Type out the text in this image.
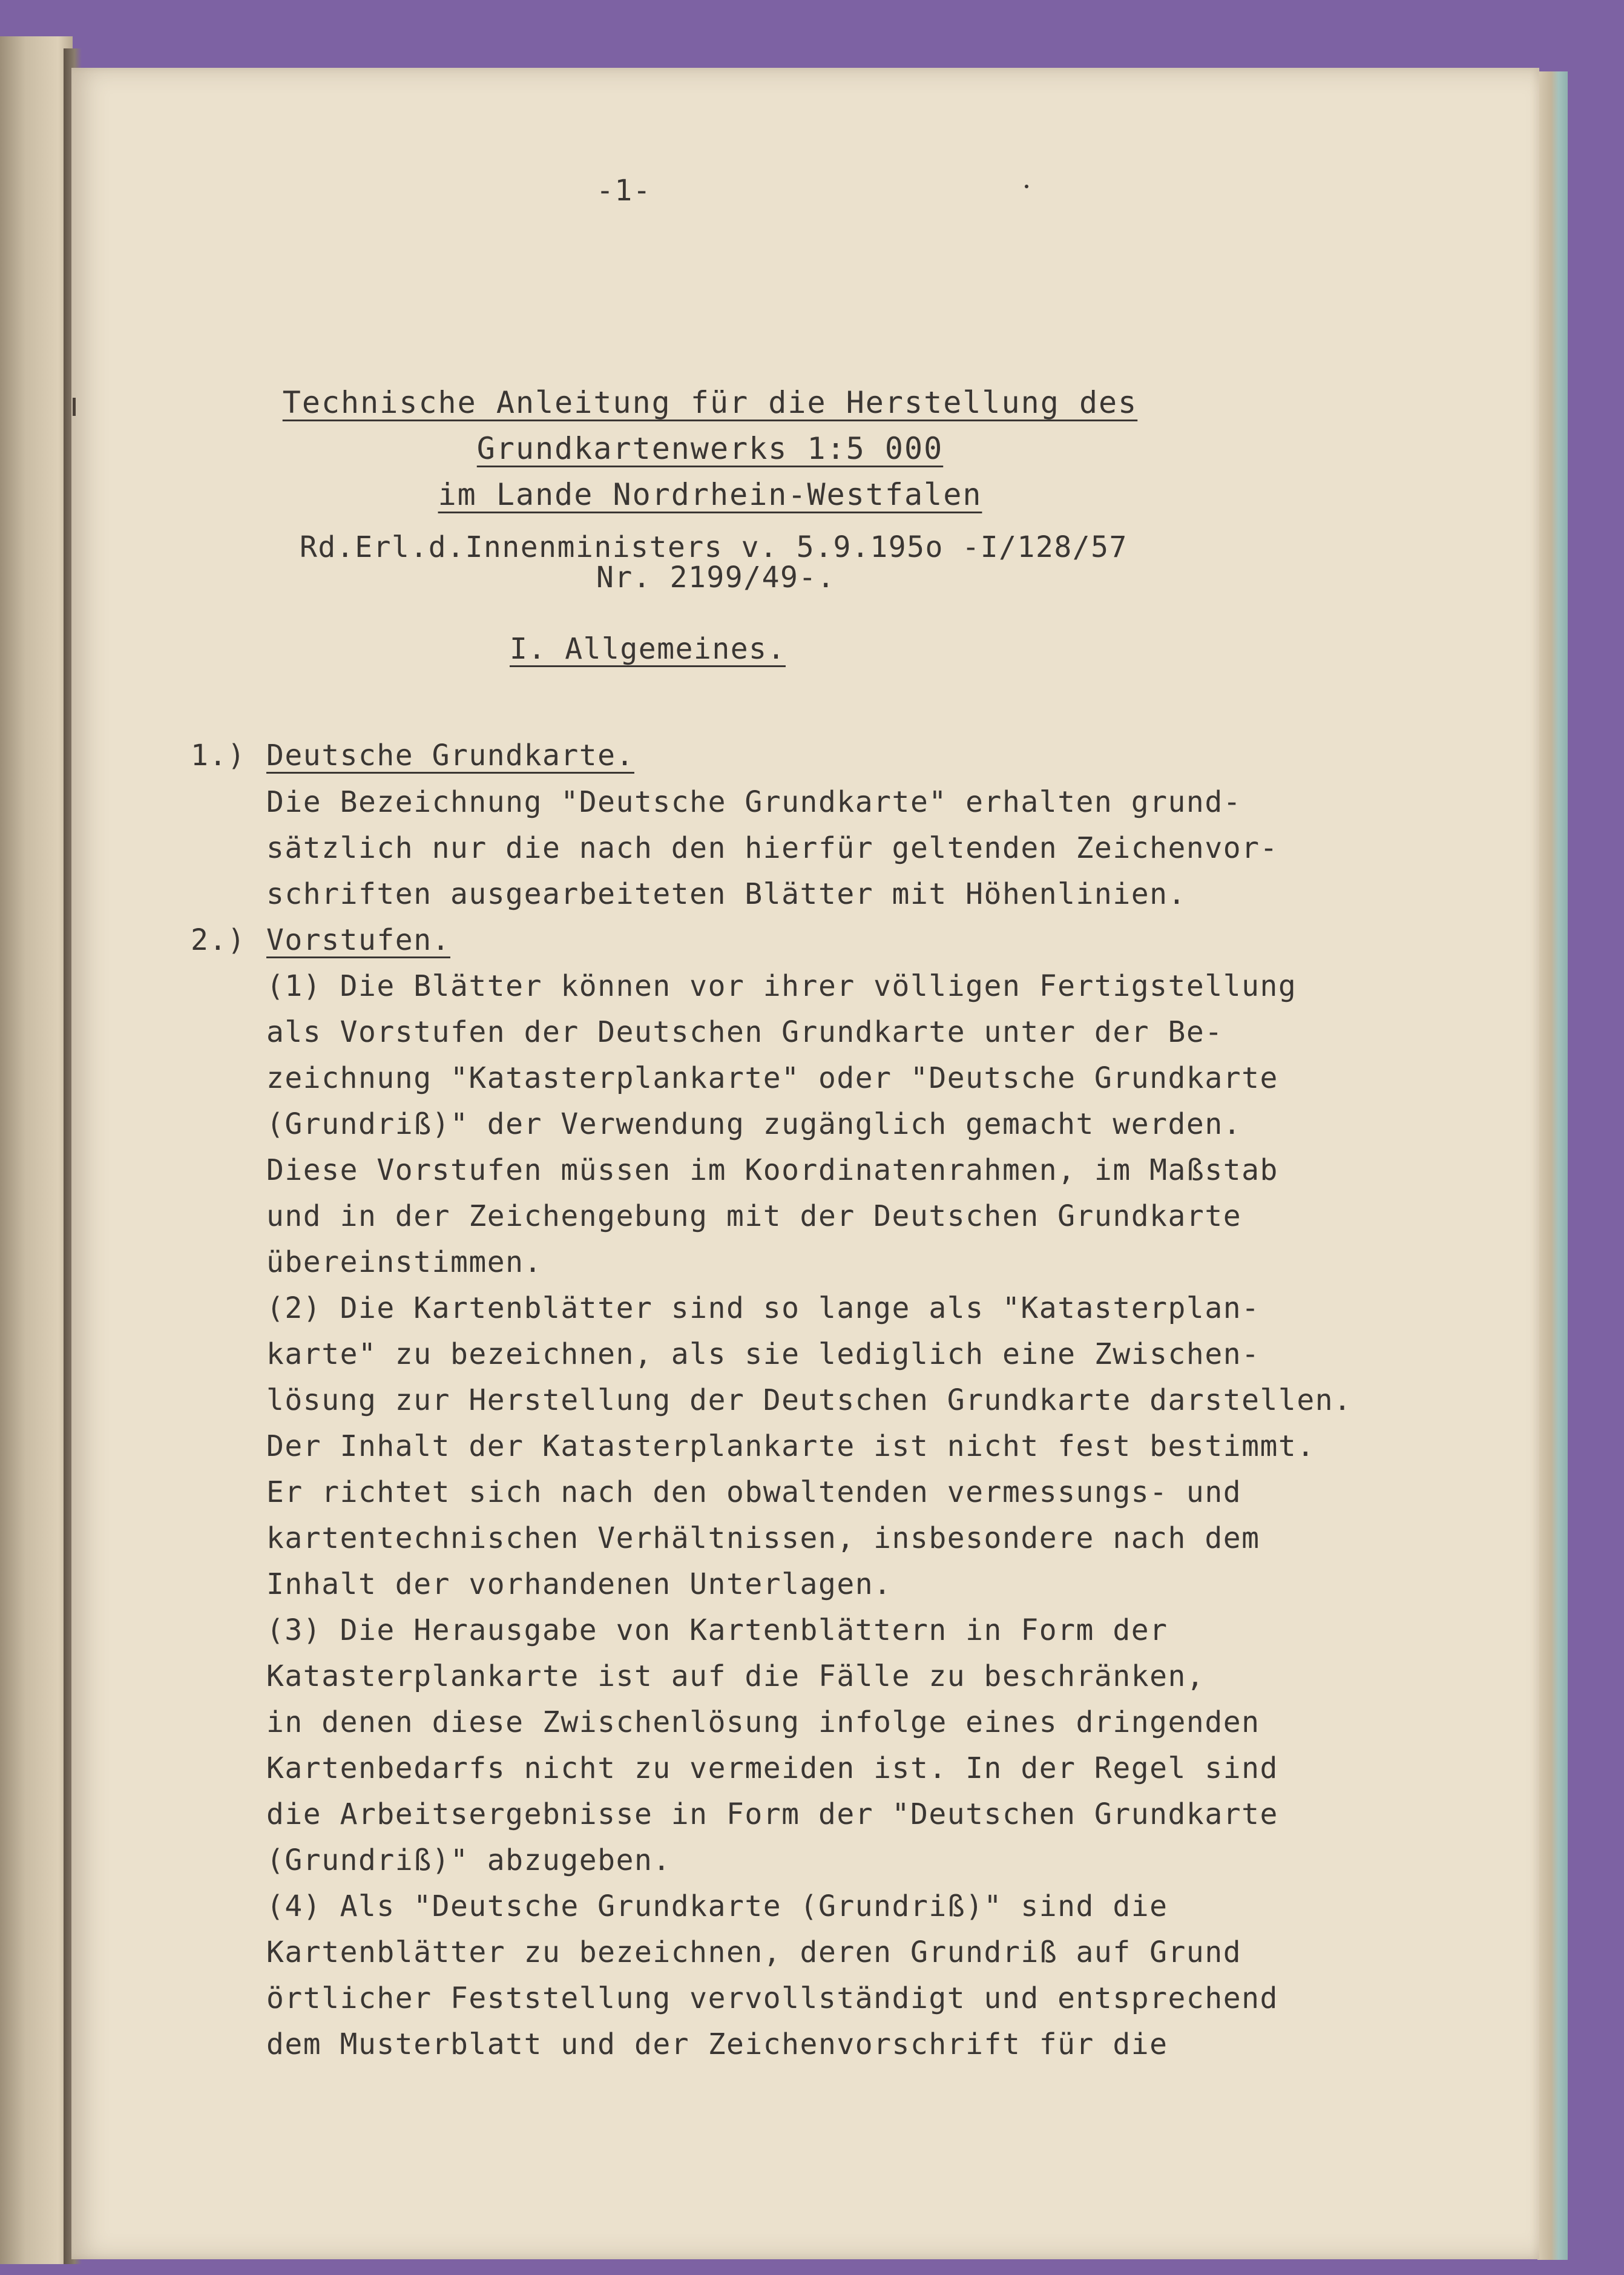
-1-
Technische Anleitung für die Herstellung des
Grundkartenwerks 1:5 000
im Lande Nordrhein-Westfalen
Rd.Erl.d.Innenministers v. 5.9.195o -I/128/57
Nr. 2199/49-.
I. Allgemeines.
1.) Deutsche Grundkarte.
Die Bezeichnung "Deutsche Grundkarte" erhalten grund-
sätzlich nur die nach den hierfür geltenden Zeichenvor-
schriften ausgearbeiteten Blätter mit Höhenlinien.
2.) Vorstufen.
(1) Die Blätter können vor ihrer völligen Fertigstellung
als Vorstufen der Deutschen Grundkarte unter der Be-
zeichnung "Katasterplankarte" oder "Deutsche Grundkarte
(Grundriß)" der Verwendung zugänglich gemacht werden.
Diese Vorstufen müssen im Koordinatenrahmen, im Maßstab
und in der Zeichengebung mit der Deutschen Grundkarte
übereinstimmen.
(2) Die Kartenblätter sind so lange als "Katasterplan-
karte" zu bezeichnen, als sie lediglich eine Zwischen-
lösung zur Herstellung der Deutschen Grundkarte darstellen.
Der Inhalt der Katasterplankarte ist nicht fest bestimmt.
Er richtet sich nach den obwaltenden vermessungs- und
kartentechnischen Verhältnissen, insbesondere nach dem
Inhalt der vorhandenen Unterlagen.
(3) Die Herausgabe von Kartenblättern in Form der
Katasterplankarte ist auf die Fälle zu beschränken,
in denen diese Zwischenlösung infolge eines dringenden
Kartenbedarfs nicht zu vermeiden ist. In der Regel sind
die Arbeitsergebnisse in Form der "Deutschen Grundkarte
(Grundriß)" abzugeben.
(4) Als "Deutsche Grundkarte (Grundriß)" sind die
Kartenblätter zu bezeichnen, deren Grundriß auf Grund
örtlicher Feststellung vervollständigt und entsprechend
dem Musterblatt und der Zeichenvorschrift für die
